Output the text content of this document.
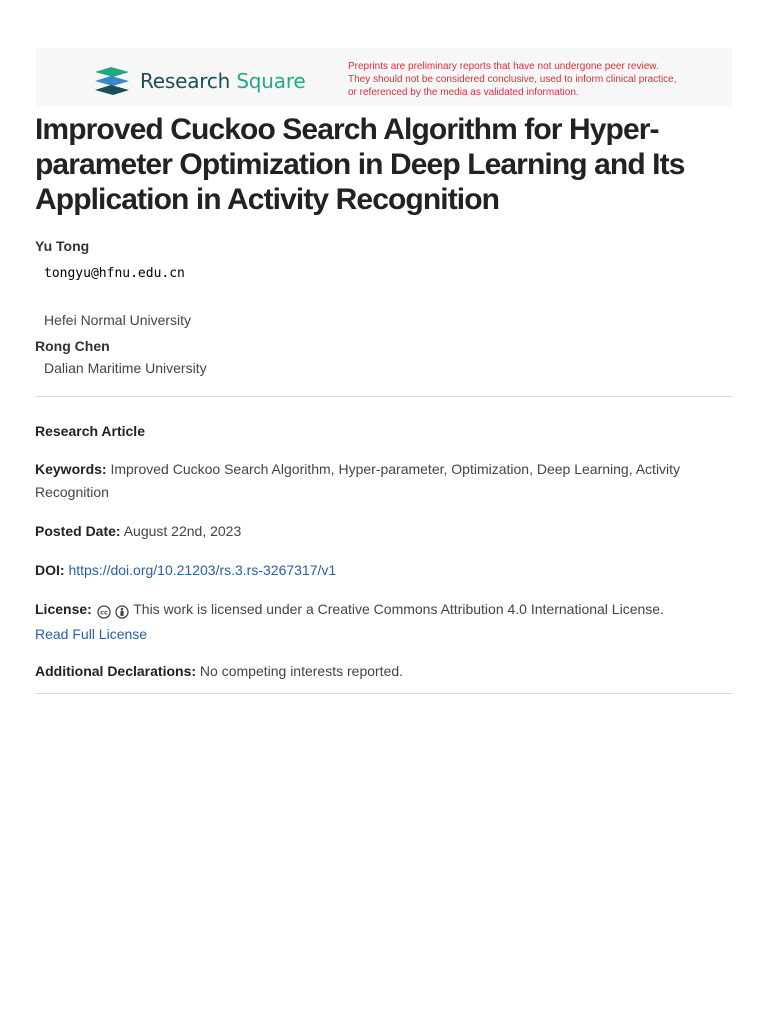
Research Square
Preprints are preliminary reports that have not undergone peer review.
They should not be considered conclusive, used to inform clinical practice,
or referenced by the media as validated information.
Improved Cuckoo Search Algorithm for Hyper-parameter Optimization in Deep Learning and Its Application in Activity Recognition
Yu Tong
tongyu@hfnu.edu.cn
Hefei Normal University
Rong Chen
Dalian Maritime University
Research Article
Keywords: Improved Cuckoo Search Algorithm, Hyper-parameter, Optimization, Deep Learning, Activity Recognition
Posted Date: August 22nd, 2023
DOI: https://doi.org/10.21203/rs.3.rs-3267317/v1
License: cc This work is licensed under a Creative Commons Attribution 4.0 International License.
Read Full License
Additional Declarations: No competing interests reported.
